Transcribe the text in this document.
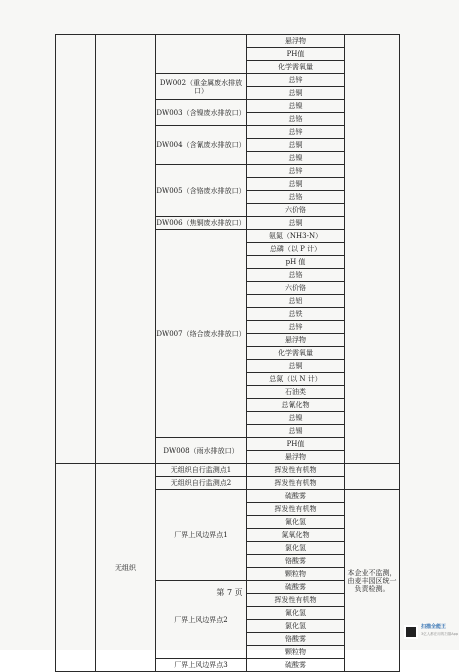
			悬浮物	
			PH值	
			化学需氧量	
		DW002（重金属废水排放口）	总锌	
			总铜	
		DW003（含镍废水排放口）	总镍	
			总铬	
		DW004（含氰废水排放口）	总锌	
			总铜	
			总镍	
		DW005（含铬废水排放口）	总锌	
			总铜	
			总铬	
			六价铬	
		DW006（焦铜废水排放口）	总铜	
		DW007（络合废水排放口）	氨氮（NH3-N）	
			总磷（以 P 计）	
			pH 值	
			总铬	
			六价铬	
			总铝	
			总铁	
			总锌	
			悬浮物	
			化学需氧量	
			总铜	
			总氮（以 N 计）	
			石油类	
			总氰化物	
			总镍	
			总锡	
		DW008（雨水排放口）	PH值	
			悬浮物	
	无组织	无组织自行监测点1	挥发性有机物	
		无组织自行监测点2	挥发性有机物	
		厂界上风边界点1	硫酸雾	本企业不监测，由麦丰园区统一负责检测。
			挥发性有机物	
			氰化氢	
			氮氧化物	
			氯化氢	
			铬酸雾	
			颗粒物	
		厂界上风边界点2	硫酸雾	
			挥发性有机物	
			氰化氢	
			氯化氢	
			铬酸雾	
			颗粒物	
		厂界上风边界点3	硫酸雾	
第 7 页
扫描全能王
3亿人都在用的扫描App
